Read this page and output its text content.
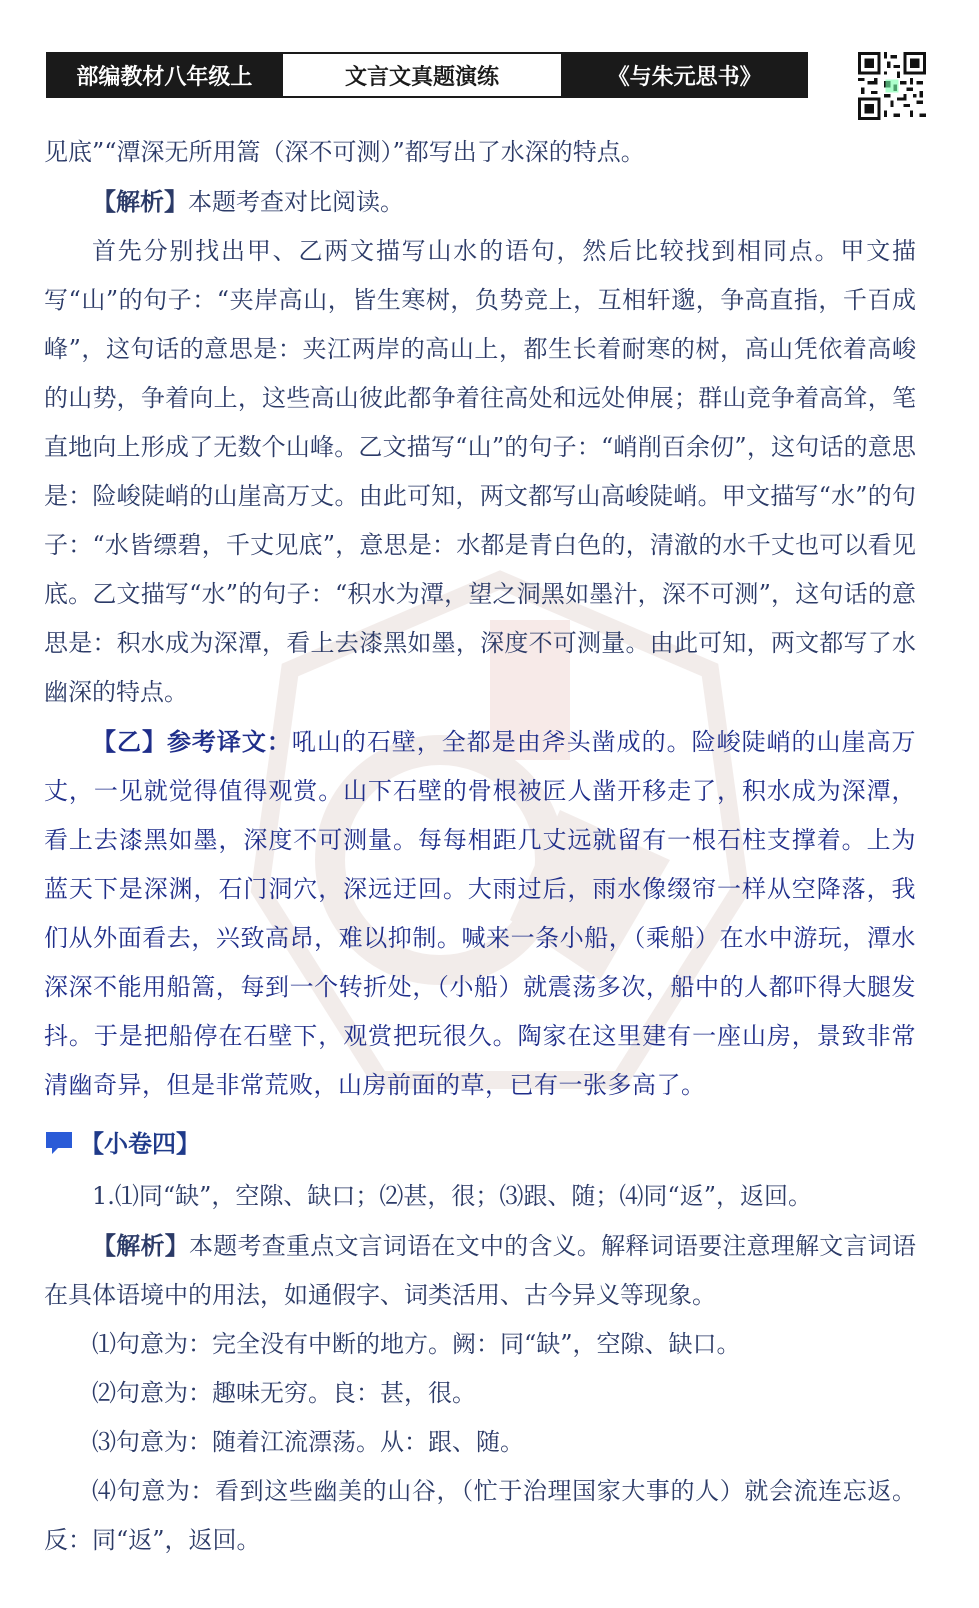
部编教材八年级上	文言文真题演练	《与朱元思书》

见底”“潭深无所用篙（深不可测）”都写出了水深的特点。

【解析】本题考查对比阅读。

首先分别找出甲、乙两文描写山水的语句，然后比较找到相同点。甲文描写“山”的句子：“夹岸高山，皆生寒树，负势竞上，互相轩邈，争高直指，千百成峰”，这句话的意思是：夹江两岸的高山上，都生长着耐寒的树，高山凭依着高峻的山势，争着向上，这些高山彼此都争着往高处和远处伸展；群山竞争着高耸，笔直地向上形成了无数个山峰。乙文描写“山”的句子：“峭削百余仞”，这句话的意思是：险峻陡峭的山崖高万丈。由此可知，两文都写山高峻陡峭。甲文描写“水”的句子：“水皆缥碧，千丈见底”，意思是：水都是青白色的，清澈的水千丈也可以看见底。乙文描写“水”的句子：“积水为潭，望之洞黑如墨汁，深不可测”，这句话的意思是：积水成为深潭，看上去漆黑如墨，深度不可测量。由此可知，两文都写了水幽深的特点。

【乙】参考译文：吼山的石壁，全都是由斧头凿成的。险峻陡峭的山崖高万丈，一见就觉得值得观赏。山下石壁的骨根被匠人凿开移走了，积水成为深潭，看上去漆黑如墨，深度不可测量。每每相距几丈远就留有一根石柱支撑着。上为蓝天下是深渊，石门洞穴，深远迂回。大雨过后，雨水像缀帘一样从空降落，我们从外面看去，兴致高昂，难以抑制。喊来一条小船，（乘船）在水中游玩，潭水深深不能用船篙，每到一个转折处，（小船）就震荡多次，船中的人都吓得大腿发抖。于是把船停在石壁下，观赏把玩很久。陶家在这里建有一座山房，景致非常清幽奇异，但是非常荒败，山房前面的草，已有一张多高了。

【小卷四】

1.⑴同“缺”，空隙、缺口；⑵甚，很；⑶跟、随；⑷同“返”，返回。

【解析】本题考查重点文言词语在文中的含义。解释词语要注意理解文言词语在具体语境中的用法，如通假字、词类活用、古今异义等现象。

⑴句意为：完全没有中断的地方。阙：同“缺”，空隙、缺口。

⑵句意为：趣味无穷。良：甚，很。

⑶句意为：随着江流漂荡。从：跟、随。

⑷句意为：看到这些幽美的山谷，（忙于治理国家大事的人）就会流连忘返。反：同“返”，返回。
